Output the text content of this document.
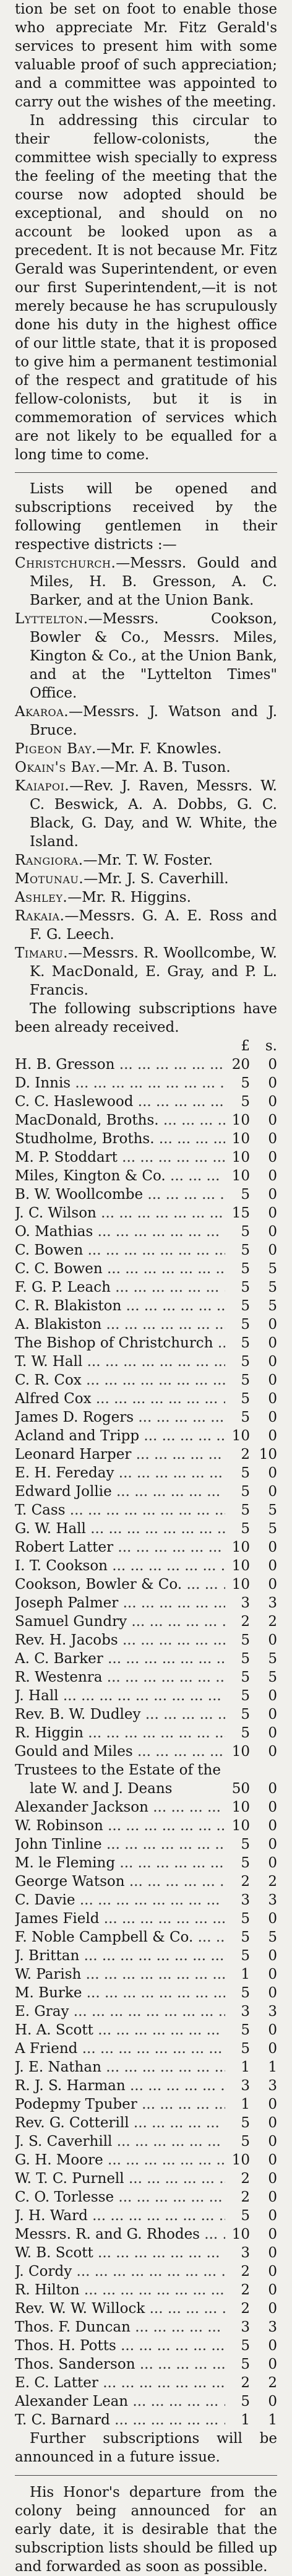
tion be set on foot to enable those who appreciate Mr. Fitz Gerald's services to present him with some valuable proof of such appreciation; and a committee was appointed to carry out the wishes of the meeting.

In addressing this circular to their fellow-colonists, the committee wish specially to express the feeling of the meeting that the course now adopted should be exceptional, and should on no account be looked upon as a precedent. It is not because Mr. Fitz Gerald was Superintendent, or even our first Superintendent,—it is not merely because he has scrupulously done his duty in the highest office of our little state, that it is proposed to give him a permanent testimonial of the respect and gratitude of his fellow-colonists, but it is in commemoration of services which are not likely to be equalled for a long time to come.

Lists will be opened and subscriptions received by the following gentlemen in their respective districts :—

Christchurch.—Messrs. Gould and Miles, H. B. Gresson, A. C. Barker, and at the Union Bank.

Lyttelton.—Messrs. Cookson, Bowler & Co., Messrs. Miles, Kington & Co., at the Union Bank, and at the "Lyttelton Times" Office.

Akaroa.—Messrs. J. Watson and J. Bruce.

Pigeon Bay.—Mr. F. Knowles.

Okain's Bay.—Mr. A. B. Tuson.

Kaiapoi.—Rev. J. Raven, Messrs. W. C. Beswick, A. A. Dobbs, G. C. Black, G. Day, and W. White, the Island.

Rangiora.—Mr. T. W. Foster.

Motunau.—Mr. J. S. Caverhill.

Ashley.—Mr. R. Higgins.

Rakaia.—Messrs. G. A. E. Ross and F. G. Leech.

Timaru.—Messrs. R. Woollcombe, W. K. MacDonald, E. Gray, and P. L. Francis.

The following subscriptions have been already received.

£	s.
H. B. Gresson ... .	20	0
D. Innis ... .	5	0
C. C. Haslewood ... .	5	0
MacDonald, Broths. ... .	10	0
Studholme, Broths. ... .	10	0
M. P. Stoddart ... .	10	0
Miles, Kington & Co. ... .	10	0
B. W. Woollcombe ... .	5	0
J. C. Wilson ... .	15	0
O. Mathias ... .	5	0
C. Bowen ... .	5	0
C. C. Bowen ... .	5	5
F. G. P. Leach ... .	5	5
C. R. Blakiston ... .	5	5
A. Blakiston ... .	5	0
The Bishop of Christchurch ... .	5	0
T. W. Hall ... .	5	0
C. R. Cox ... .	5	0
Alfred Cox ... .	5	0
James D. Rogers ... .	5	0
Acland and Tripp ... .	10	0
Leonard Harper ... .	2 10
E. H. Fereday ... .	5	0
Edward Jollie ... .	5	0
T. Cass ... .	5	5
G. W. Hall ... .	5	5
Robert Latter ... .	10	0
I. T. Cookson ... .	10	0
Cookson, Bowler & Co. ... .	10	0
Joseph Palmer ... .	3	3
Samuel Gundry ... .	2	2
Rev. H. Jacobs ... .	5	0
A. C. Barker ... .	5	5
R. Westenra ... .	5	5
J. Hall ... .	5	0
Rev. B. W. Dudley ... .	5	0
R. Higgin ... .	5	0
Gould and Miles ... .	10	0
Trustees to the Estate of the late W. and J. Deans	50	0
Alexander Jackson ... .	10	0
W. Robinson ... .	10	0
John Tinline ... .	5	0
M. le Fleming ... .	5	0
George Watson ... .	2	2
C. Davie ... .	3	3
James Field ... .	5	0
F. Noble Campbell & Co. ... .	5	5
J. Brittan ... .	5	0
W. Parish ... .	1	0
M. Burke ... .	5	0
E. Gray ... .	3	3
H. A. Scott ... .	5	0
A Friend ... .	5	0
J. E. Nathan ... .	1	1
R. J. S. Harman ... .	3	3
Podepmy Tpuber ... .	1	0
Rev. G. Cotterill ... .	5	0
J. S. Caverhill ... .	5	0
G. H. Moore ... .	10	0
W. T. C. Purnell ... .	2	0
C. O. Torlesse ... .	2	0
J. H. Ward ... .	5	0
Messrs. R. and G. Rhodes ... .	10	0
W. B. Scott ... .	3	0
J. Cordy ... .	2	0
R. Hilton ... .	2	0
Rev. W. W. Willock ... .	2	0
Thos. F. Duncan ... .	3	3
Thos. H. Potts ... .	5	0
Thos. Sanderson ... .	5	0
E. C. Latter ... .	2	2
Alexander Lean ... .	5	0
T. C. Barnard ... .	1	1

Further subscriptions will be announced in a future issue.

His Honor's departure from the colony being announced for an early date, it is desirable that the subscription lists should be filled up and forwarded as soon as possible.
